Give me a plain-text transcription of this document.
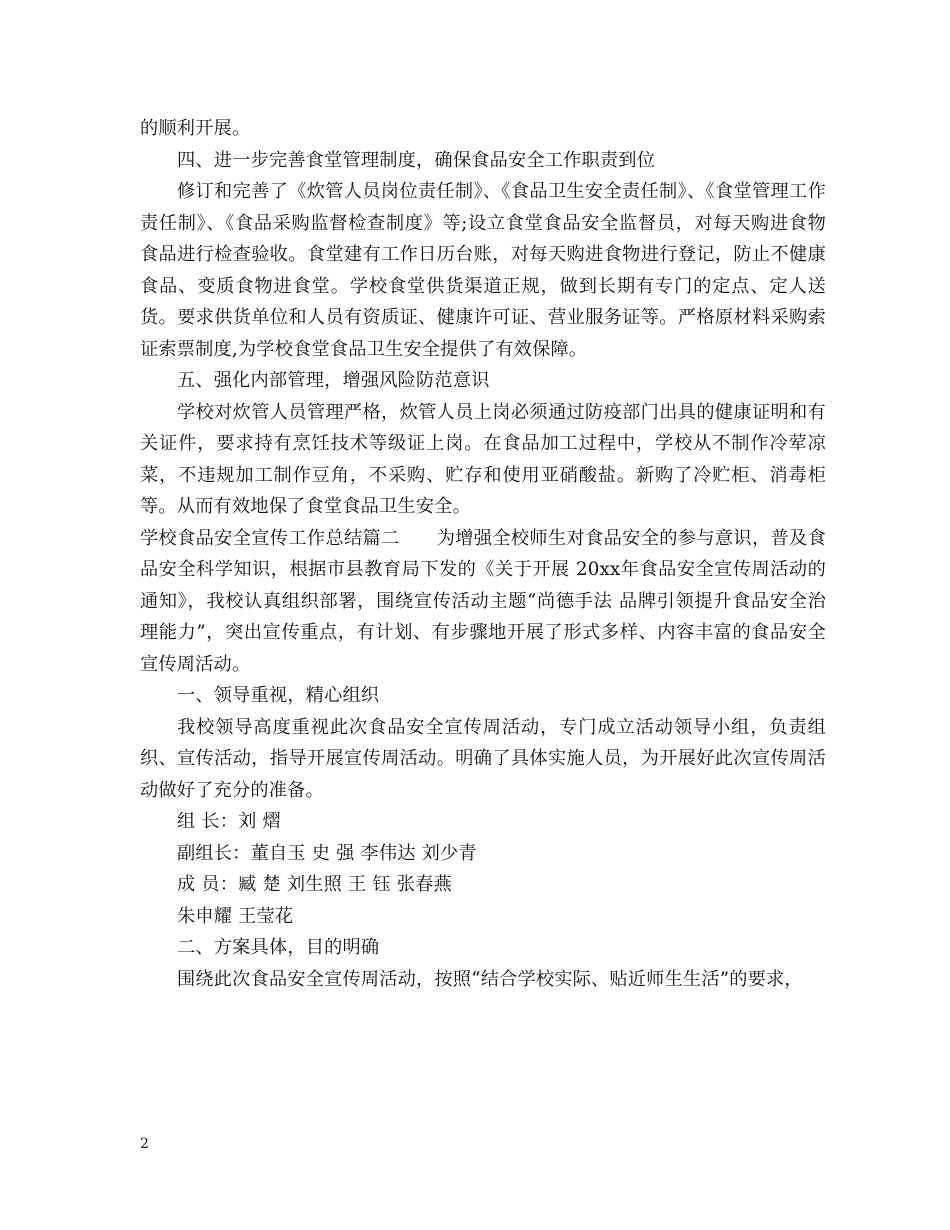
的顺利开展。

四、进一步完善食堂管理制度，确保食品安全工作职责到位

修订和完善了《炊管人员岗位责任制》、《食品卫生安全责任制》、《食堂管理工作责任制》、《食品采购监督检查制度》等;设立食堂食品安全监督员，对每天购进食物食品进行检查验收。食堂建有工作日历台账，对每天购进食物进行登记，防止不健康食品、变质食物进食堂。学校食堂供货渠道正规，做到长期有专门的定点、定人送货。要求供货单位和人员有资质证、健康许可证、营业服务证等。严格原材料采购索证索票制度,为学校食堂食品卫生安全提供了有效保障。

五、强化内部管理，增强风险防范意识

学校对炊管人员管理严格，炊管人员上岗必须通过防疫部门出具的健康证明和有关证件，要求持有烹饪技术等级证上岗。在食品加工过程中，学校从不制作冷荤凉菜，不违规加工制作豆角，不采购、贮存和使用亚硝酸盐。新购了冷贮柜、消毒柜等。从而有效地保了食堂食品卫生安全。

学校食品安全宣传工作总结篇二　　为增强全校师生对食品安全的参与意识，普及食品安全科学知识，根据市县教育局下发的《关于开展 20xx年食品安全宣传周活动的通知》，我校认真组织部署，围绕宣传活动主题“尚德手法 品牌引领提升食品安全治理能力”，突出宣传重点，有计划、有步骤地开展了形式多样、内容丰富的食品安全宣传周活动。

一、领导重视，精心组织

我校领导高度重视此次食品安全宣传周活动，专门成立活动领导小组，负责组织、宣传活动，指导开展宣传周活动。明确了具体实施人员，为开展好此次宣传周活动做好了充分的准备。

组 长：刘 熠

副组长：董自玉 史 强 李伟达 刘少青

成 员：臧 楚 刘生照 王 钰 张春燕

朱申耀 王莹花

二、方案具体，目的明确

围绕此次食品安全宣传周活动，按照“结合学校实际、贴近师生生活”的要求，

2
